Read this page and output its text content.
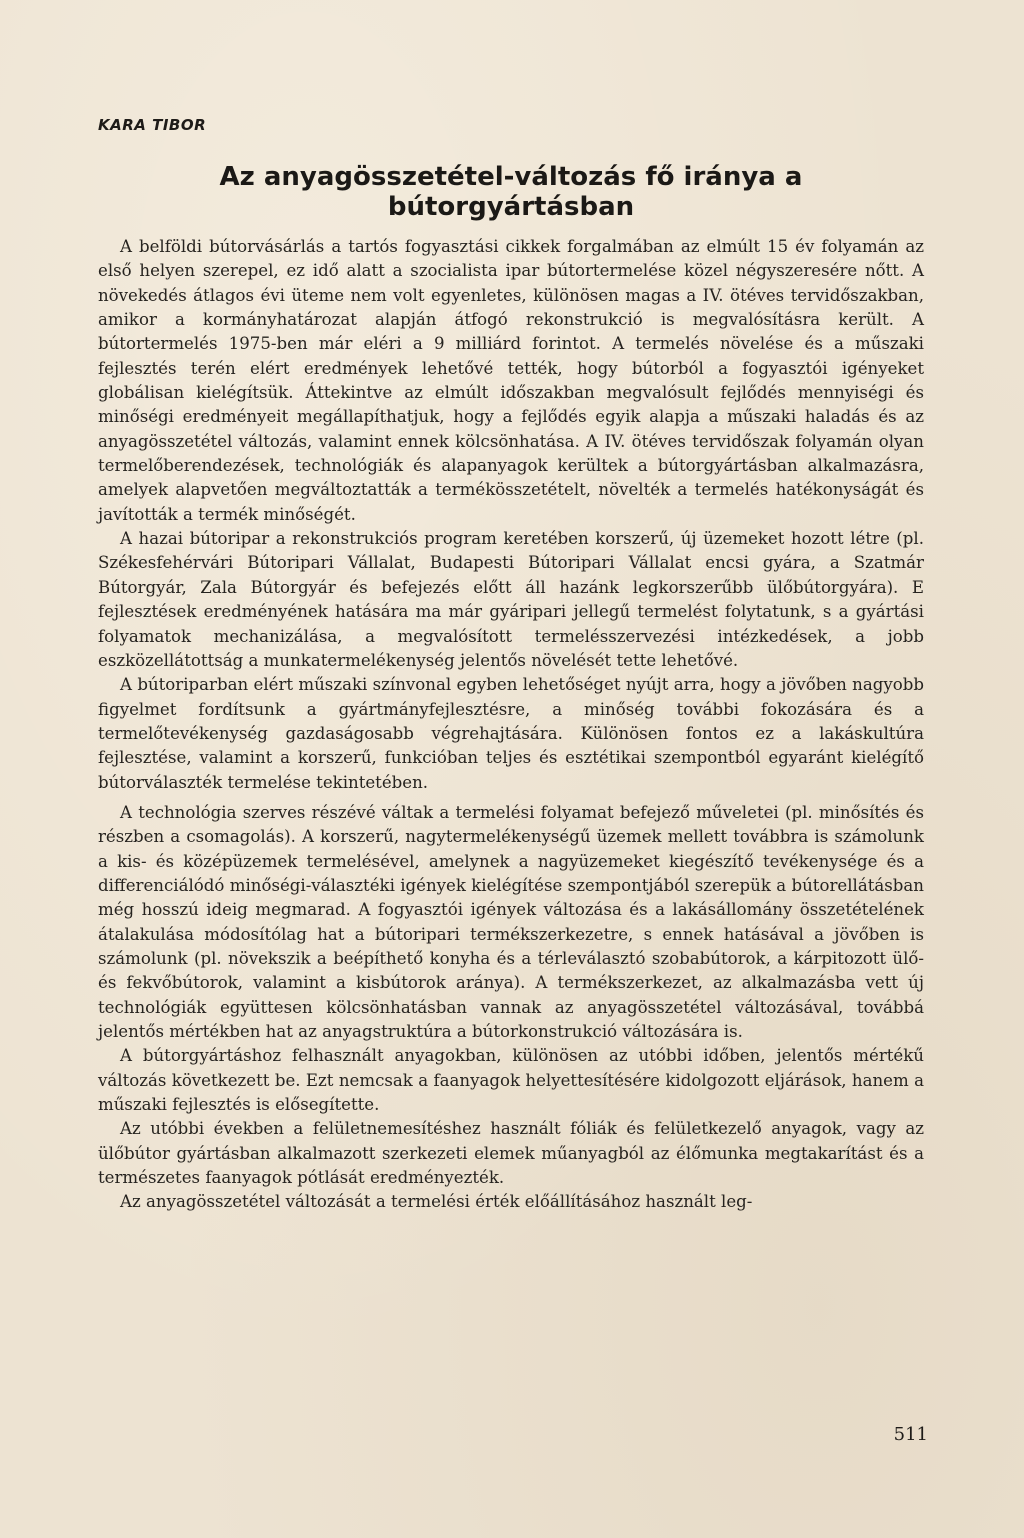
KARA TIBOR
Az anyagösszetétel-változás fő iránya a bútorgyártásban

A belföldi bútorvásárlás a tartós fogyasztási cikkek forgalmában az elmúlt 15 év folyamán az első helyen szerepel, ez idő alatt a szocialista ipar bútortermelése közel négyszeresére nőtt. A növekedés átlagos évi üteme nem volt egyenletes, különösen magas a IV. ötéves tervidőszakban, amikor a kormányhatározat alapján átfogó rekonstrukció is megvalósításra került. A bútortermelés 1975-ben már eléri a 9 milliárd forintot. A termelés növelése és a műszaki fejlesztés terén elért eredmények lehetővé tették, hogy bútorból a fogyasztói igényeket globálisan kielégítsük. Áttekintve az elmúlt időszakban megvalósult fejlődés mennyiségi és minőségi eredményeit megállapíthatjuk, hogy a fejlődés egyik alapja a műszaki haladás és az anyagösszetétel változás, valamint ennek kölcsönhatása. A IV. ötéves tervidőszak folyamán olyan termelőberendezések, technológiák és alapanyagok kerültek a bútorgyártásban alkalmazásra, amelyek alapvetően megváltoztatták a termékösszetételt, növelték a termelés hatékonyságát és javították a termék minőségét.

A hazai bútoripar a rekonstrukciós program keretében korszerű, új üzemeket hozott létre (pl. Székesfehérvári Bútoripari Vállalat, Budapesti Bútoripari Vállalat encsi gyára, a Szatmár Bútorgyár, Zala Bútorgyár és befejezés előtt áll hazánk legkorszerűbb ülőbútorgyára). E fejlesztések eredményének hatására ma már gyáripari jellegű termelést folytatunk, s a gyártási folyamatok mechanizálása, a megvalósított termelésszervezési intézkedések, a jobb eszközellátottság a munkatermelékenység jelentős növelését tette lehetővé.

A bútoriparban elért műszaki színvonal egyben lehetőséget nyújt arra, hogy a jövőben nagyobb figyelmet fordítsunk a gyártmányfejlesztésre, a minőség további fokozására és a termelőtevékenység gazdaságosabb végrehajtására. Különösen fontos ez a lakáskultúra fejlesztése, valamint a korszerű, funkcióban teljes és esztétikai szempontból egyaránt kielégítő bútorválaszték termelése tekintetében.

A technológia szerves részévé váltak a termelési folyamat befejező műveletei (pl. minősítés és részben a csomagolás). A korszerű, nagytermelékenységű üzemek mellett továbbra is számolunk a kis- és középüzemek termelésével, amelynek a nagyüzemeket kiegészítő tevékenysége és a differenciálódó minőségi-választéki igények kielégítése szempontjából szerepük a bútorellátásban még hosszú ideig megmarad. A fogyasztói igények változása és a lakásállomány összetételének átalakulása módosítólag hat a bútoripari termékszerkezetre, s ennek hatásával a jövőben is számolunk (pl. növekszik a beépíthető konyha és a térleválasztó szobabútorok, a kárpitozott ülő- és fekvőbútorok, valamint a kisbútorok aránya). A termékszerkezet, az alkalmazásba vett új technológiák együttesen kölcsönhatásban vannak az anyagösszetétel változásával, továbbá jelentős mértékben hat az anyagstruktúra a bútorkonstrukció változására is.

A bútorgyártáshoz felhasznált anyagokban, különösen az utóbbi időben, jelentős mértékű változás következett be. Ezt nemcsak a faanyagok helyettesítésére kidolgozott eljárások, hanem a műszaki fejlesztés is elősegítette.

Az utóbbi években a felületnemesítéshez használt fóliák és felületkezelő anyagok, vagy az ülőbútor gyártásban alkalmazott szerkezeti elemek műanyagból az élőmunka megtakarítást és a természetes faanyagok pótlását eredményezték.

Az anyagösszetétel változását a termelési érték előállításához használt leg-

511
